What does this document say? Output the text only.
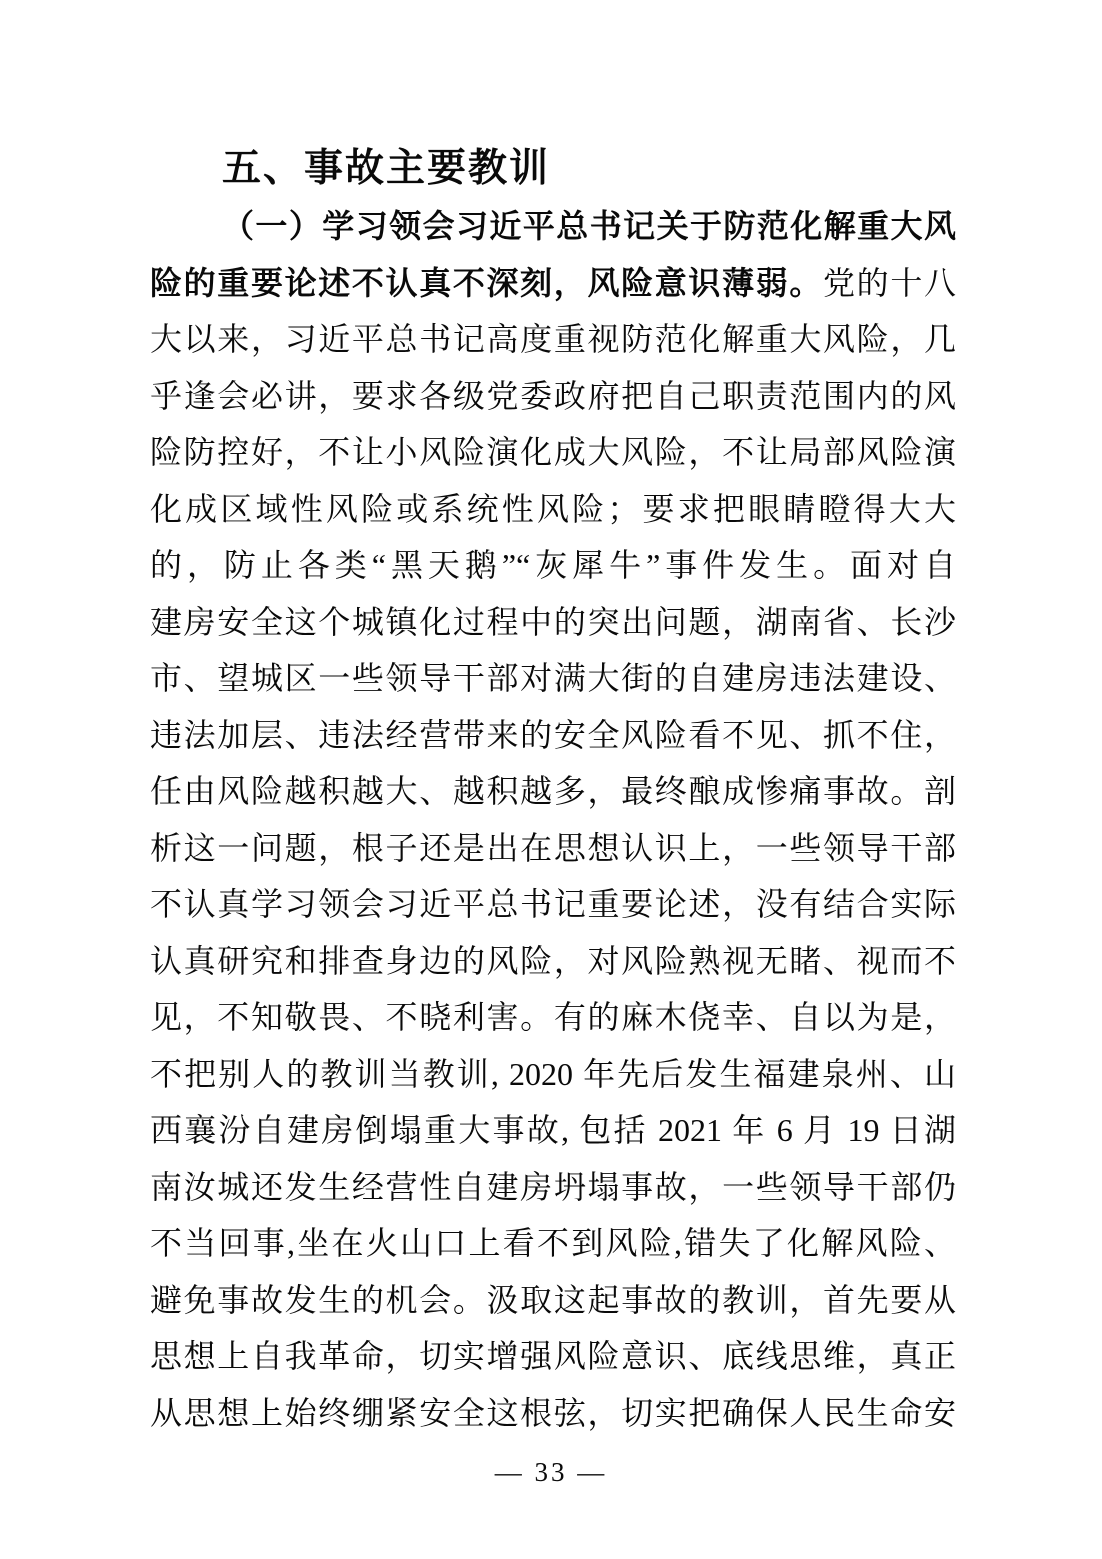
五、事故主要教训
（一）学习领会习近平总书记关于防范化解重大风
险的重要论述不认真不深刻，风险意识薄弱。党的十八
大以来，习近平总书记高度重视防范化解重大风险，几
乎逢会必讲，要求各级党委政府把自己职责范围内的风
险防控好，不让小风险演化成大风险，不让局部风险演
化成区域性风险或系统性风险；要求把眼睛瞪得大大
的，防止各类“黑天鹅”“灰犀牛”事件发生。面对自
建房安全这个城镇化过程中的突出问题，湖南省、长沙
市、望城区一些领导干部对满大街的自建房违法建设、
违法加层、违法经营带来的安全风险看不见、抓不住，
任由风险越积越大、越积越多，最终酿成惨痛事故。剖
析这一问题，根子还是出在思想认识上，一些领导干部
不认真学习领会习近平总书记重要论述，没有结合实际
认真研究和排查身边的风险，对风险熟视无睹、视而不
见，不知敬畏、不晓利害。有的麻木侥幸、自以为是，
不把别人的教训当教训, 2020 年先后发生福建泉州、山
西襄汾自建房倒塌重大事故, 包括 2021 年 6 月 19 日湖
南汝城还发生经营性自建房坍塌事故，一些领导干部仍
不当回事,坐在火山口上看不到风险,错失了化解风险、
避免事故发生的机会。汲取这起事故的教训，首先要从
思想上自我革命，切实增强风险意识、底线思维，真正
从思想上始终绷紧安全这根弦，切实把确保人民生命安
— 33 —
